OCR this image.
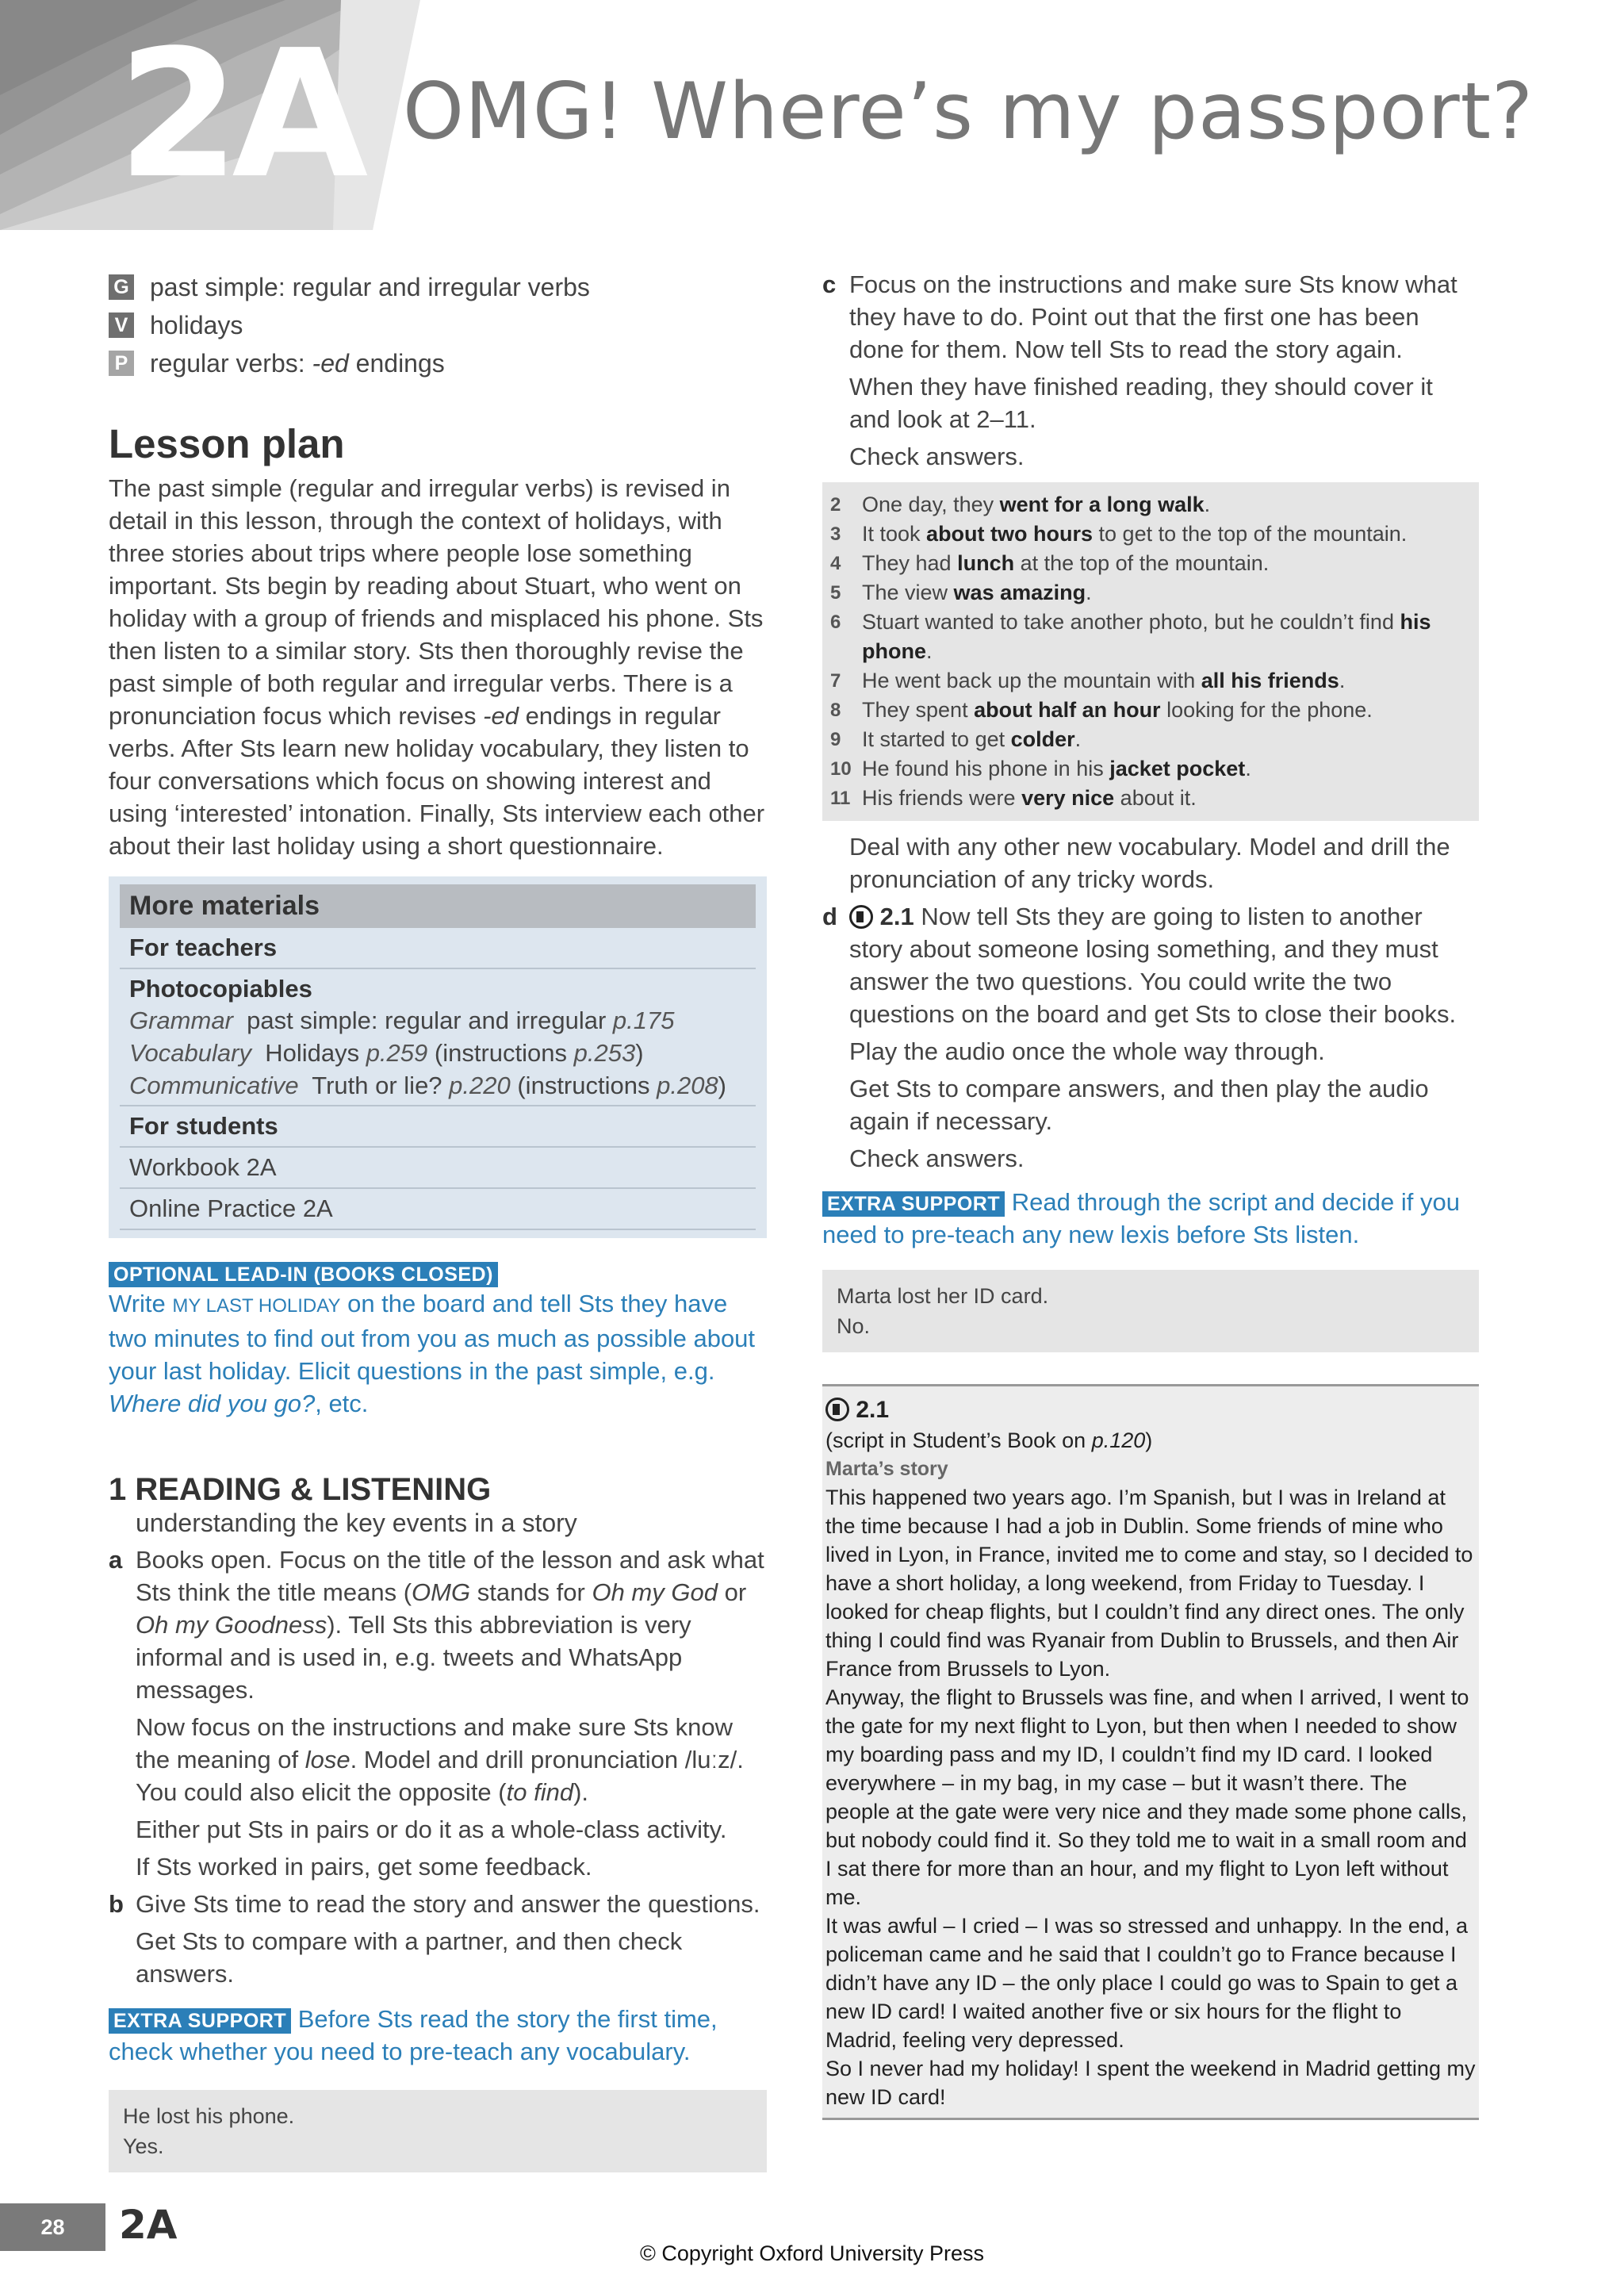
2A OMG! Where’s my passport?
G past simple: regular and irregular verbs
V holidays
P regular verbs: -ed endings
Lesson plan

The past simple (regular and irregular verbs) is revised in detail in this lesson, through the context of holidays, with three stories about trips where people lose something important. Sts begin by reading about Stuart, who went on holiday with a group of friends and misplaced his phone. Sts then listen to a similar story. Sts then thoroughly revise the past simple of both regular and irregular verbs. There is a pronunciation focus which revises -ed endings in regular verbs. After Sts learn new holiday vocabulary, they listen to four conversations which focus on showing interest and using ‘interested’ intonation. Finally, Sts interview each other about their last holiday using a short questionnaire.

More materials
For teachers
Photocopiables
Grammar past simple: regular and irregular p.175
Vocabulary Holidays p.259 (instructions p.253)
Communicative Truth or lie? p.220 (instructions p.208)
For students
Workbook 2A
Online Practice 2A
OPTIONAL LEAD-IN (BOOKS CLOSED)
Write MY LAST HOLIDAY on the board and tell Sts they have two minutes to find out from you as much as possible about your last holiday. Elicit questions in the past simple, e.g. Where did you go?, etc.
1 READING & LISTENING
understanding the key events in a story
a Books open. Focus on the title of the lesson and ask what Sts think the title means (OMG stands for Oh my God or Oh my Goodness). Tell Sts this abbreviation is very informal and is used in, e.g. tweets and WhatsApp messages.
Now focus on the instructions and make sure Sts know the meaning of lose. Model and drill pronunciation /luːz/. You could also elicit the opposite (to find).
Either put Sts in pairs or do it as a whole-class activity.
If Sts worked in pairs, get some feedback.
b Give Sts time to read the story and answer the questions.
Get Sts to compare with a partner, and then check answers.
EXTRA SUPPORT Before Sts read the story the first time, check whether you need to pre-teach any vocabulary.
He lost his phone.
Yes.
c Focus on the instructions and make sure Sts know what they have to do. Point out that the first one has been done for them. Now tell Sts to read the story again.
When they have finished reading, they should cover it and look at 2–11.
Check answers.
2 One day, they went for a long walk.
3 It took about two hours to get to the top of the mountain.
4 They had lunch at the top of the mountain.
5 The view was amazing.
6 Stuart wanted to take another photo, but he couldn’t find his phone.
7 He went back up the mountain with all his friends.
8 They spent about half an hour looking for the phone.
9 It started to get colder.
10 He found his phone in his jacket pocket.
11 His friends were very nice about it.
Deal with any other new vocabulary. Model and drill the pronunciation of any tricky words.
d	2.1 Now tell Sts they are going to listen to another story about someone losing something, and they must answer the two questions. You could write the two questions on the board and get Sts to close their books.
Play the audio once the whole way through.
Get Sts to compare answers, and then play the audio again if necessary.
Check answers.
EXTRA SUPPORT Read through the script and decide if you need to pre-teach any new lexis before Sts listen.
Marta lost her ID card.
No.
2.1
(script in Student’s Book on p.120)
Marta’s story
This happened two years ago. I’m Spanish, but I was in Ireland at the time because I had a job in Dublin. Some friends of mine who lived in Lyon, in France, invited me to come and stay, so I decided to have a short holiday, a long weekend, from Friday to Tuesday. I looked for cheap flights, but I couldn’t find any direct ones. The only thing I could find was Ryanair from Dublin to Brussels, and then Air France from Brussels to Lyon.
Anyway, the flight to Brussels was fine, and when I arrived, I went to the gate for my next flight to Lyon, but then when I needed to show my boarding pass and my ID, I couldn’t find my ID card. I looked everywhere – in my bag, in my case – but it wasn’t there. The people at the gate were very nice and they made some phone calls, but nobody could find it. So they told me to wait in a small room and I sat there for more than an hour, and my flight to Lyon left without me.
It was awful – I cried – I was so stressed and unhappy. In the end, a policeman came and he said that I couldn’t go to France because I didn’t have any ID – the only place I could go was to Spain to get a new ID card! I waited another five or six hours for the flight to Madrid, feeling very depressed.
So I never had my holiday! I spent the weekend in Madrid getting my new ID card!
28	2A
© Copyright Oxford University Press
